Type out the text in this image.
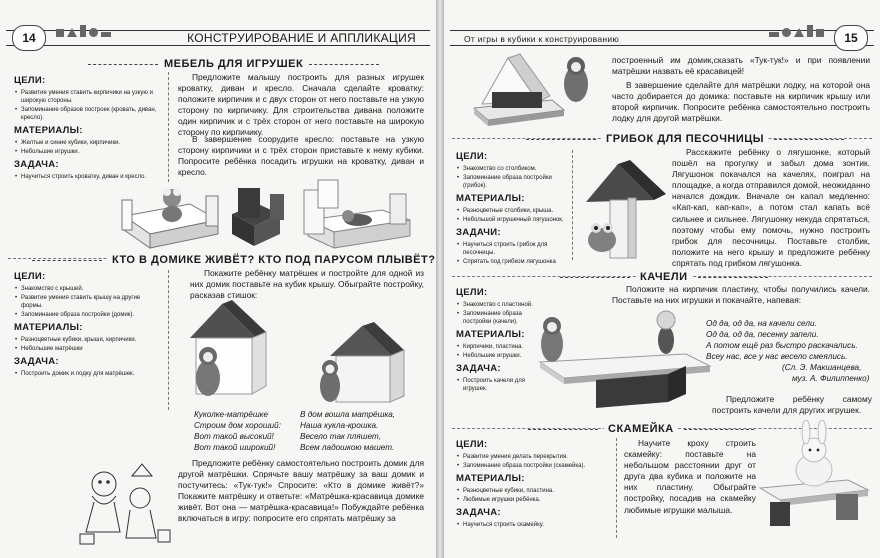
14	КОНСТРУИРОВАНИЕ И АППЛИКАЦИЯ
МЕБЕЛЬ ДЛЯ ИГРУШЕК
ЦЕЛИ:
• Развитие умения ставить кирпичики на узкую и широкую стороны.
• Запоминание образов построек (кровать, диван, кресло).
МАТЕРИАЛЫ:
• Желтые и синие кубики, кирпичики.
• Небольшие игрушки.
ЗАДАЧА:
• Научиться строить кроватку, диван и кресло.
Предложите малышу построить для разных игрушек кроватку, диван и кресло. Сначала сделайте кроватку: положите кирпичик и с двух сторон от него поставьте на узкую сторону по кирпичику. Для строительства дивана положите один кирпичик и с трёх сторон от него поставьте на широкую сторону по кирпичику.
В завершение соорудите кресло: поставьте на узкую сторону кирпичики и с трёх сторон приставьте к нему кубики. Попросите ребёнка посадить игрушки на кроватку, диван и кресло.
КТО В ДОМИКЕ ЖИВЁТ? КТО ПОД ПАРУСОМ ПЛЫВЁТ?
ЦЕЛИ:
• Знакомство с крышей.
• Развитие умения ставить крышу на другие формы.
• Запоминание образа постройки (домик).
МАТЕРИАЛЫ:
• Разноцветные кубики, крыши, кирпичики.
• Небольшие матрёшки
ЗАДАЧА:
• Построить домик и лодку для матрёшек.
Покажите ребёнку матрёшек и постройте для одной из них домик поставьте на кубик крышу. Обыграйте постройку, расказав стишок:
Куколке-матрёшке
Строим дом хороший:
Вот такой высокий!
Вот такой широкий!
В дом вошла матрёшка,
Наша кукла-крошка.
Весело так пляшет,
Всем ладошкою машет.
Предложите ребёнку самостоятельно построить домик для другой матрёшки. Спрячьте вашу матрёшку за ваш домик и постучитесь: «Тук-тук!» Спросите: «Кто в домике живёт?» Покажите матрёшку и ответьте: «Матрёшка-красавица домике живёт. Вот она — матрёшка-красавица!» Побуждайте ребёнка включаться в игру: попросите его спрятать матрёшку за
От игры в кубики к конструированию	15
построенный им домик,сказать «Тук-тук!» и при появлении матрёшки назвать её красавицей!
В завершение сделайте для матрёшки лодку, на которой она часто добирается до домика: поставьте на кирпичик крышу или второй кирпичик. Попросите ребёнка самостоятельно построить лодку для другой матрёшки.
ГРИБОК ДЛЯ ПЕСОЧНИЦЫ
ЦЕЛИ:
• Знакомство со столбиком.
• Запоминание образа постройки (грибок).
МАТЕРИАЛЫ:
• Разноцветные столбики, крыша.
• Небольшой игрушечный лягушонок.
ЗАДАЧИ:
• Научиться строить грибок для песочницы.
• Спрятать под грибком лягушонка
Расскажите ребёнку о лягушонке, который пошёл на прогулку и забыл дома зонтик. Лягушонок покачался на качелях, поиграл на площадке, а когда отправился домой, неожиданно начался дождик. Вначале он капал медленно: «Кап-кап, кап-кап», а потом стал капать всё сильнее и сильнее. Лягушонку некуда спрятаться, поэтому чтобы ему помочь, нужно построить грибок для песочницы. Поставьте столбик, положите на него крышу и предложите ребёнку спрятать под грибком лягушонка.
КАЧЕЛИ
ЦЕЛИ:
• Знакомство с пластиной.
• Запоминание образа постройки (качели).
МАТЕРИАЛЫ:
• Кирпичики, пластина.
• Небольшие игрушки.
ЗАДАЧА:
• Построить качели для игрушек.
Положите на кирпичик пластину, чтобы получились качели. Поставьте на них игрушки и покачайте, напевая:
Од да, од да, на качели сели.
Од да, од да, песенку запели.
А потом ещё раз быстро раскачались.
Всеу нас, все у нас весело смеялись.
(Сл. Э. Макшанцева,
муз. А. Филиппенко)
Предложите ребёнку самому построить качели для других игрушек.
СКАМЕЙКА
ЦЕЛИ:
• Развитие умения делать перекрытия.
• Запоминание образа постройки (скамейка).
МАТЕРИАЛЫ:
• Разноцветные кубики, пластина.
• Любимые игрушки ребёнка.
ЗАДАЧА:
• Научиться строить скамейку.
Научите кроху строить скамейку: поставьте на небольшом расстоянии друг от друга два кубика и положите на них пластину. Обыграйте постройку, посадив на скамейку любимые игрушки малыша.
